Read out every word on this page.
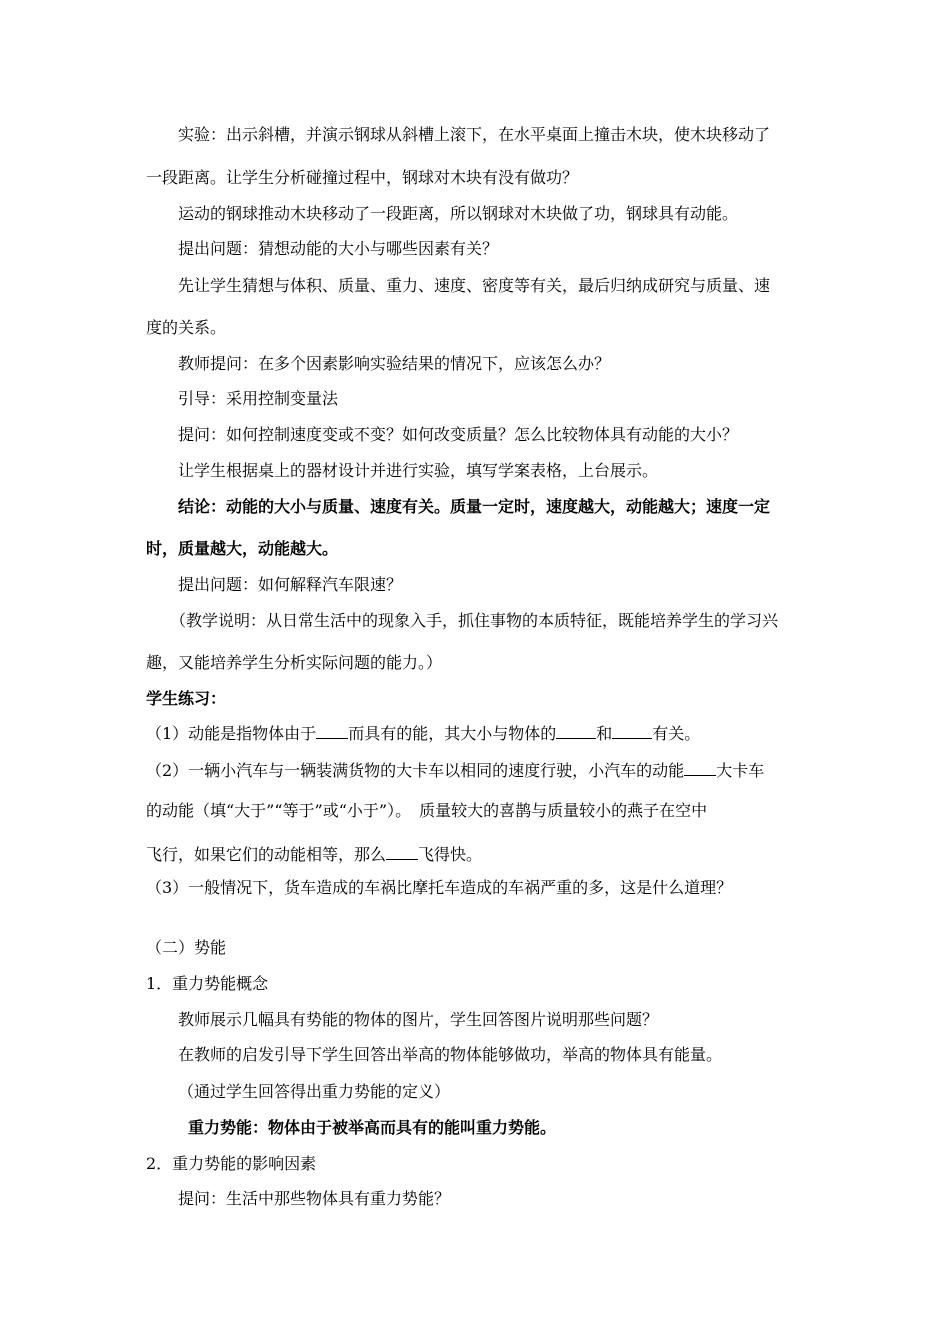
实验：出示斜槽，并演示钢球从斜槽上滚下，在水平桌面上撞击木块，使木块移动了

一段距离。让学生分析碰撞过程中，钢球对木块有没有做功？

运动的钢球推动木块移动了一段距离，所以钢球对木块做了功，钢球具有动能。

提出问题：猜想动能的大小与哪些因素有关？

先让学生猜想与体积、质量、重力、速度、密度等有关，最后归纳成研究与质量、速

度的关系。

教师提问：在多个因素影响实验结果的情况下，应该怎么办？

引导：采用控制变量法

提问：如何控制速度变或不变？如何改变质量？怎么比较物体具有动能的大小？

让学生根据桌上的器材设计并进行实验，填写学案表格，上台展示。

结论：动能的大小与质量、速度有关。质量一定时，速度越大，动能越大；速度一定

时，质量越大，动能越大。

提出问题：如何解释汽车限速？

（教学说明：从日常生活中的现象入手，抓住事物的本质特征，既能培养学生的学习兴

趣，又能培养学生分析实际问题的能力。）

学生练习：

（1）动能是指物体由于 而具有的能，其大小与物体的	和	有关。

（2）一辆小汽车与一辆装满货物的大卡车以相同的速度行驶，小汽车的动能 大卡车

的动能（填“大于”“等于”或“小于”）。　质量较大的喜鹊与质量较小的燕子在空中

飞行，如果它们的动能相等，那么 飞得快。

（3）一般情况下，货车造成的车祸比摩托车造成的车祸严重的多，这是什么道理？

（二）势能

1．重力势能概念

教师展示几幅具有势能的物体的图片，学生回答图片说明那些问题？

在教师的启发引导下学生回答出举高的物体能够做功，举高的物体具有能量。

（通过学生回答得出重力势能的定义）

重力势能：物体由于被举高而具有的能叫重力势能。

2．重力势能的影响因素

提问：生活中那些物体具有重力势能？
